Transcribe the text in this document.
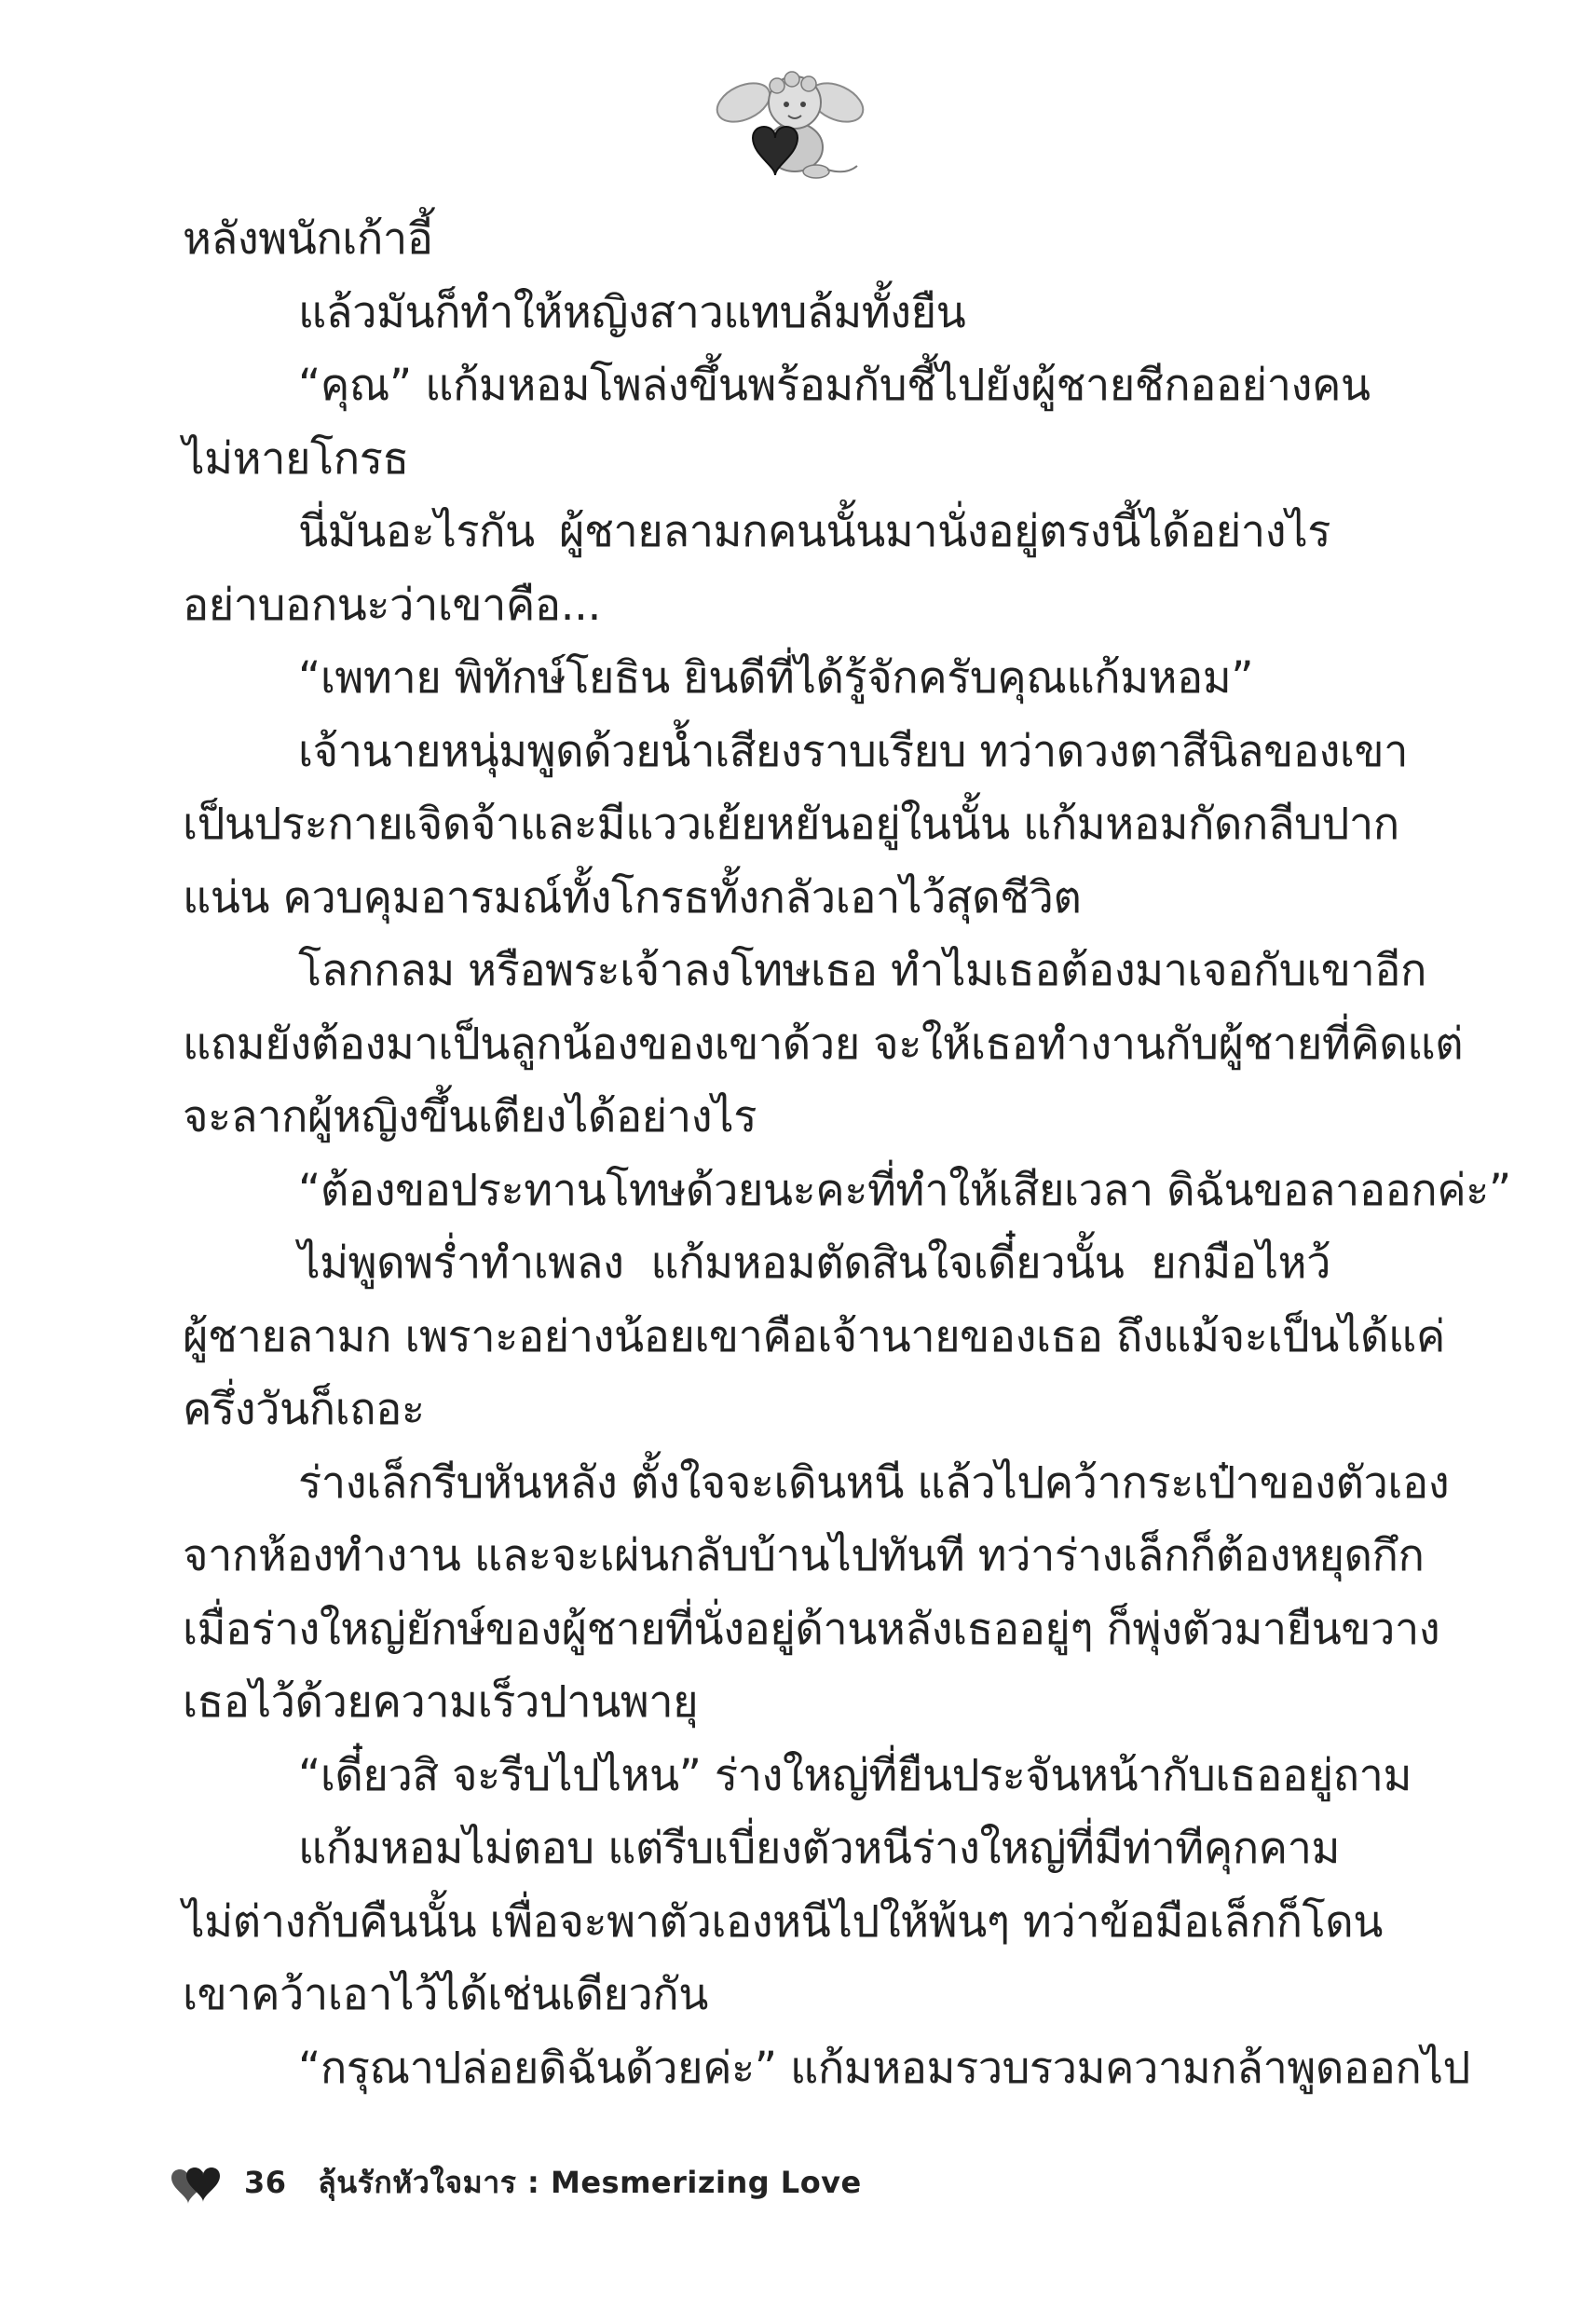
หลังพนักเก้าอี้
แล้วมันก็ทำให้หญิงสาวแทบล้มทั้งยืน
“คุณ” แก้มหอมโพล่งขึ้นพร้อมกับชี้ไปยังผู้ชายชีกออย่างคน
ไม่หายโกรธ
นี่มันอะไรกัน ผู้ชายลามกคนนั้นมานั่งอยู่ตรงนี้ได้อย่างไร
อย่าบอกนะว่าเขาคือ...
“เพทาย พิทักษ์โยธิน ยินดีที่ได้รู้จักครับคุณแก้มหอม”
เจ้านายหนุ่มพูดด้วยน้ำเสียงราบเรียบ ทว่าดวงตาสีนิลของเขา
เป็นประกายเจิดจ้าและมีแววเย้ยหยันอยู่ในนั้น แก้มหอมกัดกลีบปาก
แน่น ควบคุมอารมณ์ทั้งโกรธทั้งกลัวเอาไว้สุดชีวิต
โลกกลม หรือพระเจ้าลงโทษเธอ ทำไมเธอต้องมาเจอกับเขาอีก
แถมยังต้องมาเป็นลูกน้องของเขาด้วย จะให้เธอทำงานกับผู้ชายที่คิดแต่
จะลากผู้หญิงขึ้นเตียงได้อย่างไร
“ต้องขอประทานโทษด้วยนะคะที่ทำให้เสียเวลา ดิฉันขอลาออกค่ะ”
ไม่พูดพร่ำทำเพลง แก้มหอมตัดสินใจเดี๋ยวนั้น ยกมือไหว้
ผู้ชายลามก เพราะอย่างน้อยเขาคือเจ้านายของเธอ ถึงแม้จะเป็นได้แค่
ครึ่งวันก็เถอะ
ร่างเล็กรีบหันหลัง ตั้งใจจะเดินหนี แล้วไปคว้ากระเป๋าของตัวเอง
จากห้องทำงาน และจะเผ่นกลับบ้านไปทันที ทว่าร่างเล็กก็ต้องหยุดกึก
เมื่อร่างใหญ่ยักษ์ของผู้ชายที่นั่งอยู่ด้านหลังเธออยู่ๆ ก็พุ่งตัวมายืนขวาง
เธอไว้ด้วยความเร็วปานพายุ
“เดี๋ยวสิ จะรีบไปไหน” ร่างใหญ่ที่ยืนประจันหน้ากับเธออยู่ถาม
แก้มหอมไม่ตอบ แต่รีบเบี่ยงตัวหนีร่างใหญ่ที่มีท่าทีคุกคาม
ไม่ต่างกับคืนนั้น เพื่อจะพาตัวเองหนีไปให้พ้นๆ ทว่าข้อมือเล็กก็โดน
เขาคว้าเอาไว้ได้เช่นเดียวกัน
“กรุณาปล่อยดิฉันด้วยค่ะ” แก้มหอมรวบรวมความกล้าพูดออกไป
36 ลุ้นรักหัวใจมาร : Mesmerizing Love
